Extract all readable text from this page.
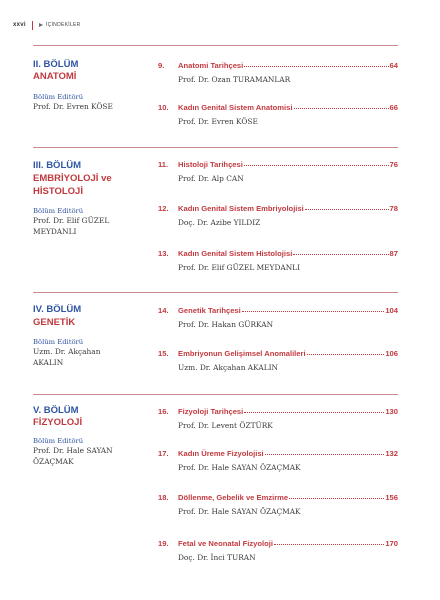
xxvi	İÇİNDEKİLER
II. BÖLÜM
ANATOMİ
Bölüm Editörü
Prof. Dr. Evren KÖSE
9.	Anatomi Tarihçesi	64
Prof. Dr. Ozan TURAMANLAR
10.	Kadın Genital Sistem Anatomisi	66
Prof. Dr. Evren KÖSE
III. BÖLÜM
EMBRİYOLOJİ ve
HİSTOLOJİ
Bölüm Editörü
Prof. Dr. Elif GÜZEL
MEYDANLI
11.	Histoloji Tarihçesi	76
Prof. Dr. Alp CAN
12.	Kadın Genital Sistem Embriyolojisi	78
Doç. Dr. Azibe YILDIZ
13.	Kadın Genital Sistem Histolojisi	87
Prof. Dr. Elif GÜZEL MEYDANLI
IV. BÖLÜM
GENETİK
Bölüm Editörü
Uzm. Dr. Akçahan
AKALIN
14.	Genetik Tarihçesi	104
Prof. Dr. Hakan GÜRKAN
15.	Embriyonun Gelişimsel Anomalileri	106
Uzm. Dr. Akçahan AKALIN
V. BÖLÜM
FİZYOLOJİ
Bölüm Editörü
Prof. Dr. Hale SAYAN
ÖZAÇMAK
16.	Fizyoloji Tarihçesi	130
Prof. Dr. Levent ÖZTÜRK
17.	Kadın Üreme Fizyolojisi	132
Prof. Dr. Hale SAYAN ÖZAÇMAK
18.	Döllenme, Gebelik ve Emzirme	156
Prof. Dr. Hale SAYAN ÖZAÇMAK
19.	Fetal ve Neonatal Fizyoloji	170
Doç. Dr. İnci TURAN
